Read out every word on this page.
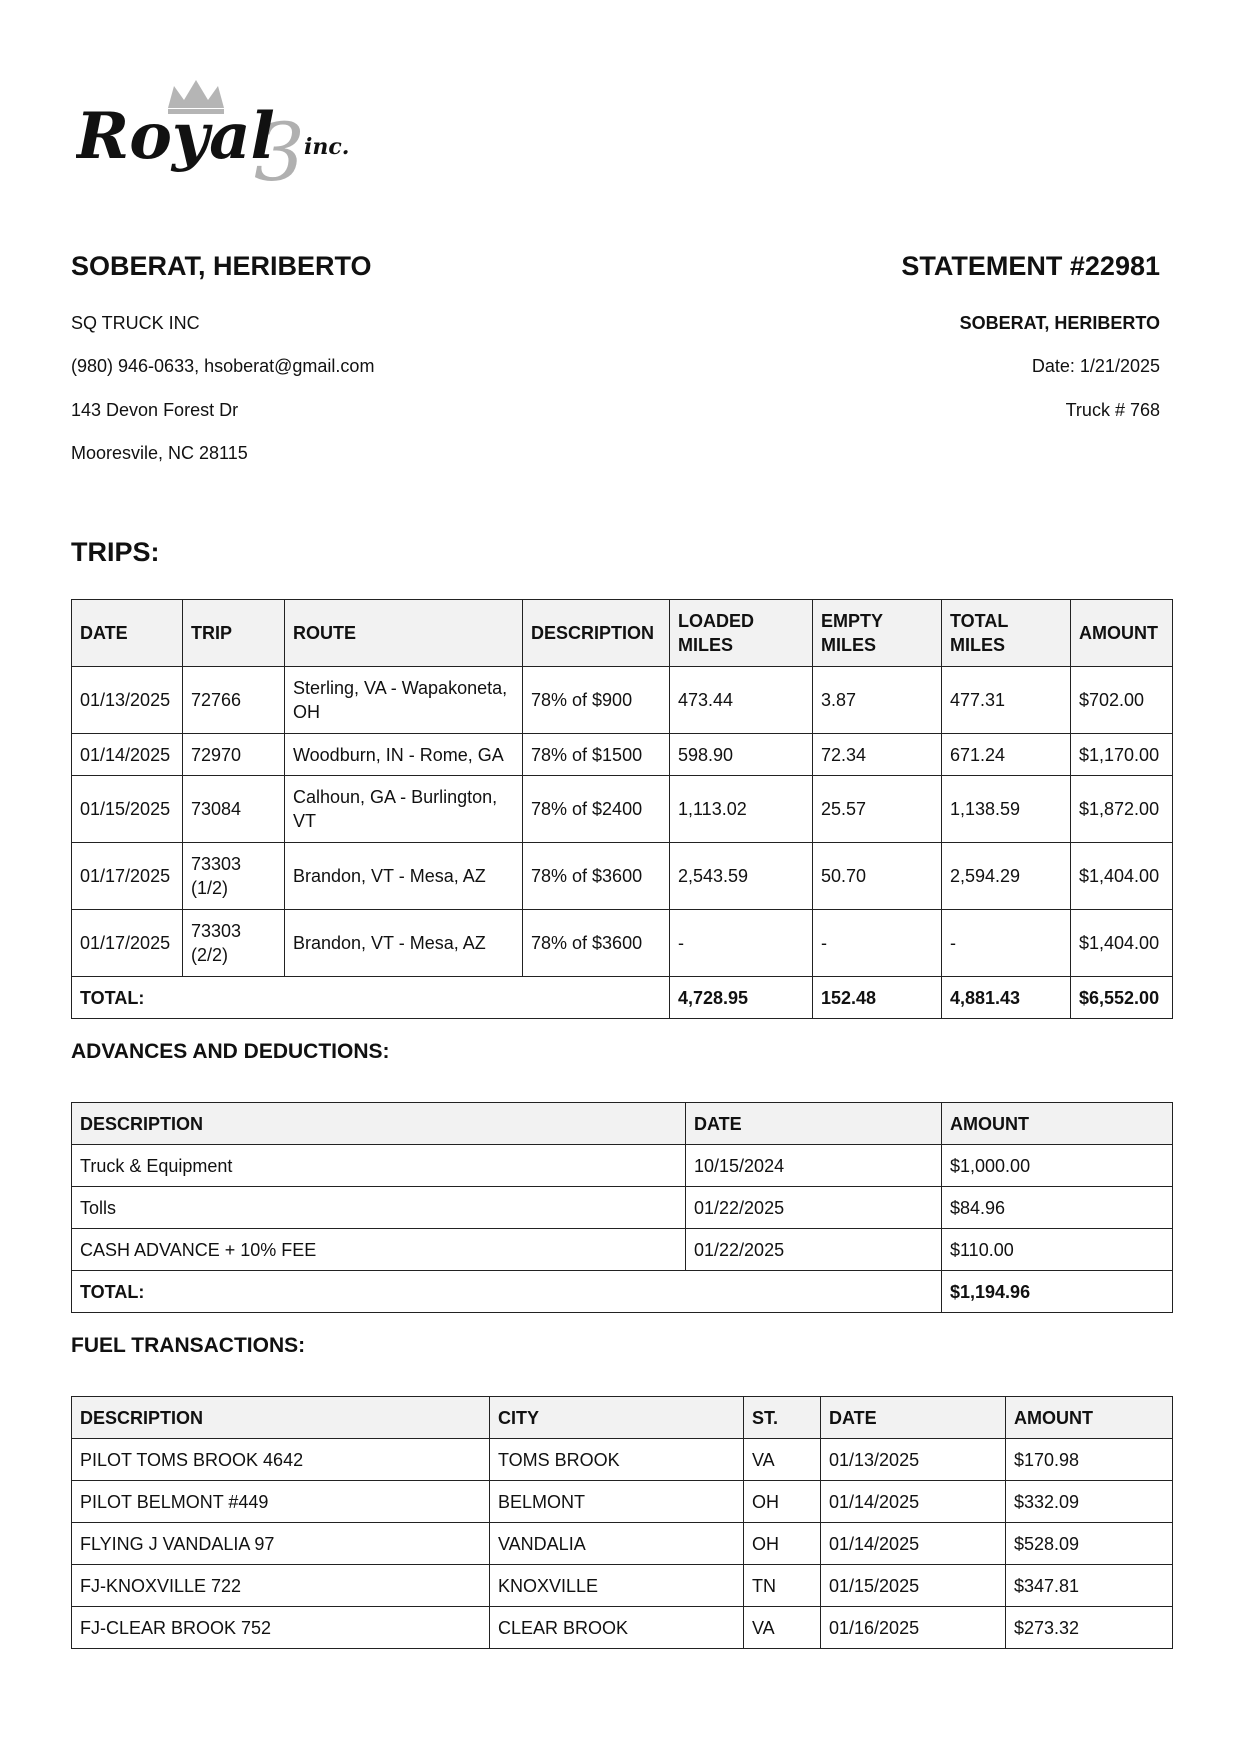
3
Royal inc.
SOBERAT, HERIBERTO
SQ TRUCK INC
(980) 946-0633, hsoberat@gmail.com
143 Devon Forest Dr
Mooresvile, NC 28115
STATEMENT #22981
SOBERAT, HERIBERTO
Date: 1/21/2025
Truck # 768
TRIPS:
DATE	TRIP	ROUTE	DESCRIPTION	LOADED MILES	EMPTY MILES	TOTAL MILES	AMOUNT
01/13/2025	72766	Sterling, VA - Wapakoneta, OH	78% of $900	473.44	3.87	477.31	$702.00
01/14/2025	72970	Woodburn, IN - Rome, GA	78% of $1500	598.90	72.34	671.24	$1,170.00
01/15/2025	73084	Calhoun, GA - Burlington, VT	78% of $2400	1,113.02	25.57	1,138.59	$1,872.00
01/17/2025	73303 (1/2)	Brandon, VT - Mesa, AZ	78% of $3600	2,543.59	50.70	2,594.29	$1,404.00
01/17/2025	73303 (2/2)	Brandon, VT - Mesa, AZ	78% of $3600	-	-	-	$1,404.00
TOTAL:				4,728.95	152.48	4,881.43	$6,552.00
ADVANCES AND DEDUCTIONS:
DESCRIPTION	DATE	AMOUNT
Truck & Equipment	10/15/2024	$1,000.00
Tolls	01/22/2025	$84.96
CASH ADVANCE + 10% FEE	01/22/2025	$110.00
TOTAL:		$1,194.96
FUEL TRANSACTIONS:
DESCRIPTION	CITY	ST.	DATE	AMOUNT
PILOT TOMS BROOK 4642	TOMS BROOK	VA	01/13/2025	$170.98
PILOT BELMONT #449	BELMONT	OH	01/14/2025	$332.09
FLYING J VANDALIA 97	VANDALIA	OH	01/14/2025	$528.09
FJ-KNOXVILLE 722	KNOXVILLE	TN	01/15/2025	$347.81
FJ-CLEAR BROOK 752	CLEAR BROOK	VA	01/16/2025	$273.32
